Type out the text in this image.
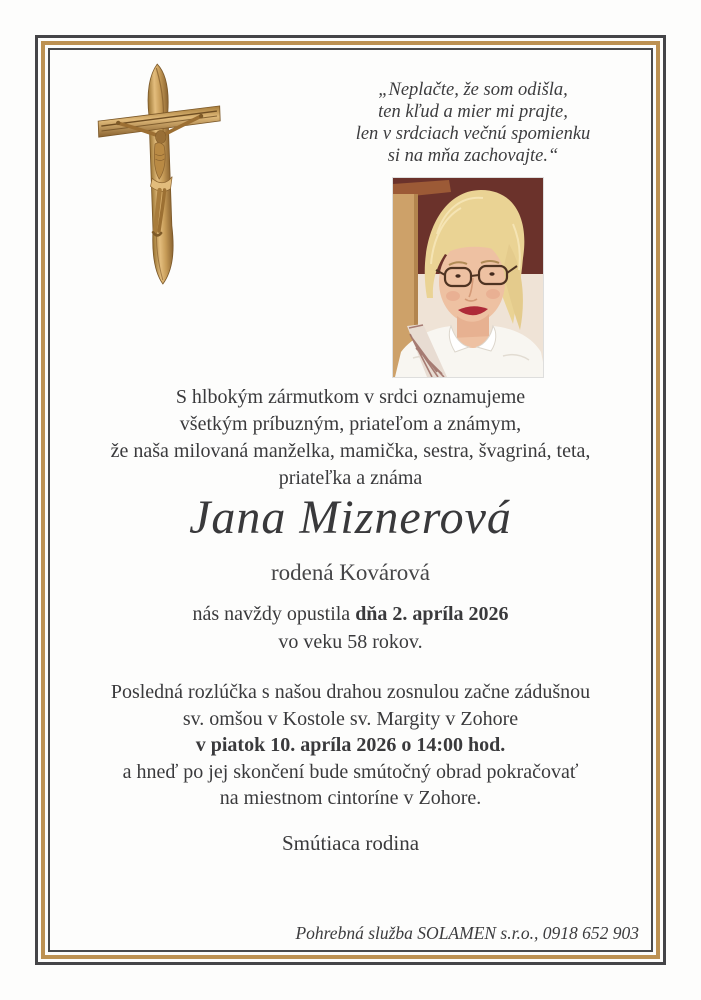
„Neplačte, že som odišla,
ten kľud a mier mi prajte,
len v srdciach večnú spomienku
si na mňa zachovajte.“
S hlbokým zármutkom v srdci oznamujeme
všetkým príbuzným, priateľom a známym,
že naša milovaná manželka, mamička, sestra, švagriná, teta,
priateľka a známa
Jana Miznerová
rodená Kovárová
nás navždy opustila dňa 2. apríla 2026
vo veku 58 rokov.
Posledná rozlúčka s našou drahou zosnulou začne zádušnou
sv. omšou v Kostole sv. Margity v Zohore
v piatok 10. apríla 2026 o 14:00 hod.
a hneď po jej skončení bude smútočný obrad pokračovať
na miestnom cintoríne v Zohore.
Smútiaca rodina
Pohrebná služba SOLAMEN s.r.o., 0918 652 903
